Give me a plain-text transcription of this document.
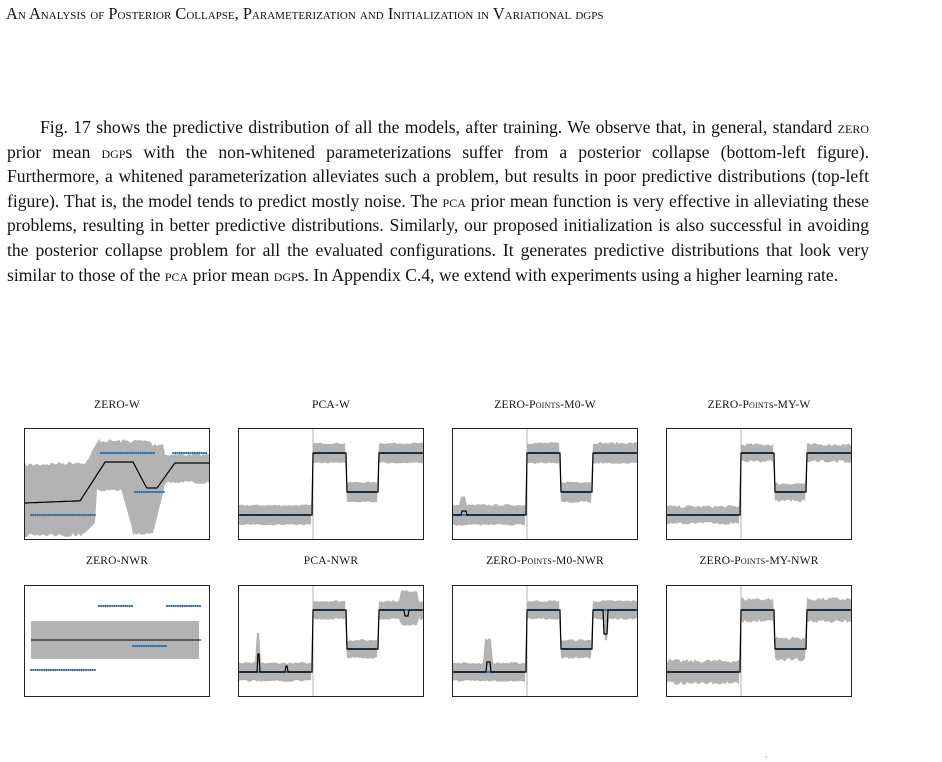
An Analysis of Posterior Collapse, Parameterization and Initialization in Variational dgps

Fig. 17 shows the predictive distribution of all the models, after training. We observe that, in general, standard zero prior mean dgps with the non-whitened parameterizations suffer from a posterior collapse (bottom-left figure). Furthermore, a whitened parameterization alleviates such a problem, but results in poor predictive distributions (top-left figure). That is, the model tends to predict mostly noise. The pca prior mean function is very effective in alleviating these problems, resulting in better predictive distributions. Similarly, our proposed initialization is also successful in avoiding the posterior collapse problem for all the evaluated configurations. It generates predictive distributions that look very similar to those of the pca prior mean dgps. In Appendix C.4, we extend with experiments using a higher learning rate.

ZERO-W	PCA-W	ZERO-Points-M0-W	ZERO-Points-MY-W
ZERO-NWR	PCA-NWR	ZERO-Points-M0-NWR	ZERO-Points-MY-NWR
·
